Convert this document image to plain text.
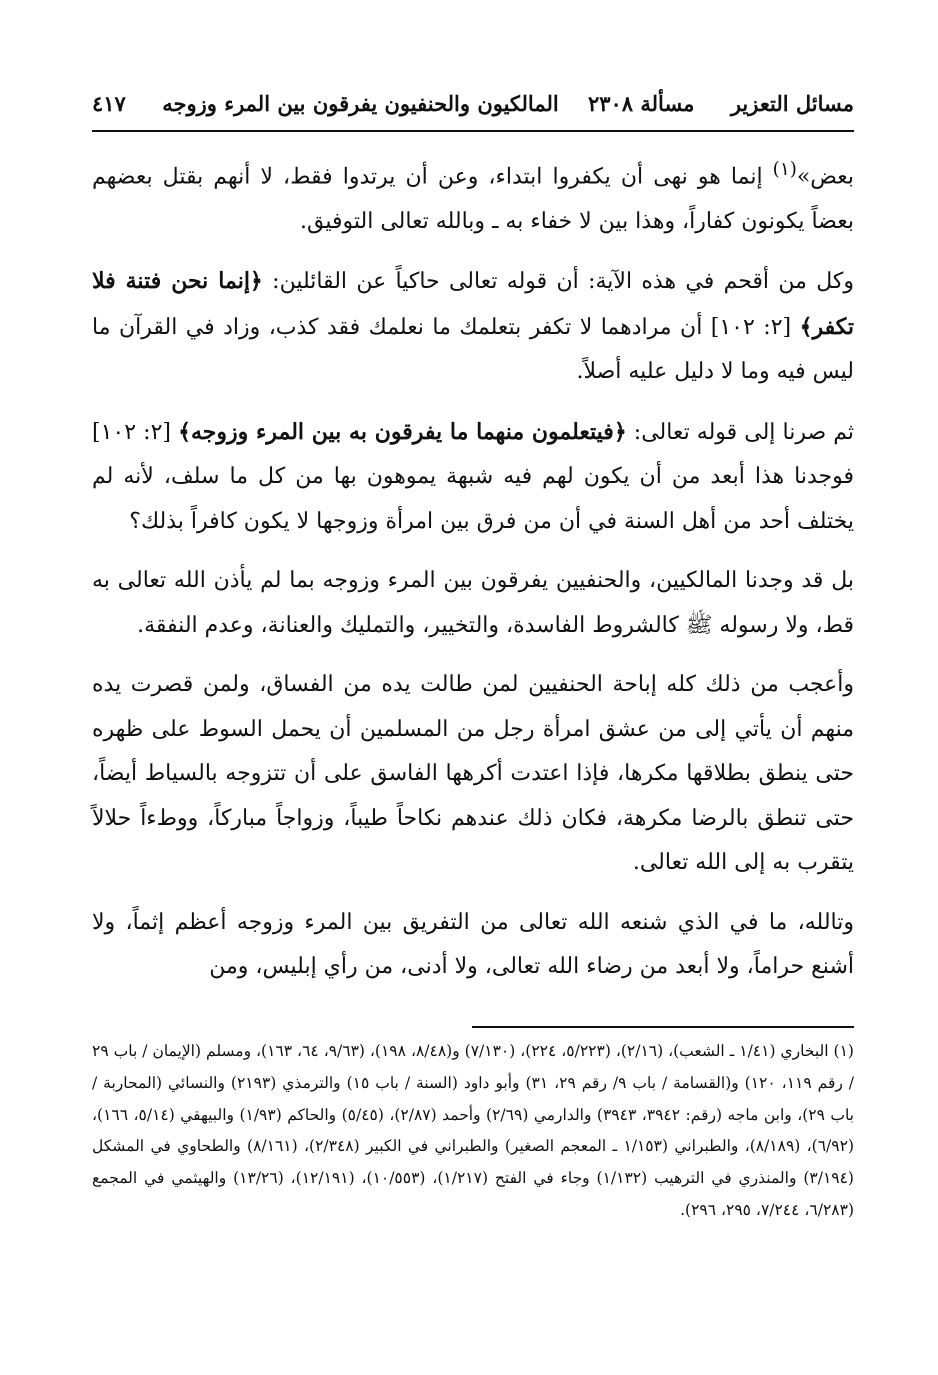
مسائل التعزير
مسألة ٢٣٠٨    المالكيون والحنفيون يفرقون بين المرء وزوجه
٤١٧

بعض»$^{(١)}$ إنما هو نهى أن يكفروا ابتداء، وعن أن يرتدوا فقط، لا أنهم بقتل بعضهم بعضاً يكونون كفاراً، وهذا بين لا خفاء به ـ وبالله تعالى التوفيق.

وكل من أقحم في هذه الآية: أن قوله تعالى حاكياً عن القائلين: ﴿إنما نحن فتنة فلا تكفر﴾ [٢: ١٠٢] أن مرادهما لا تكفر بتعلمك ما نعلمك فقد كذب، وزاد في القرآن ما ليس فيه وما لا دليل عليه أصلاً.

ثم صرنا إلى قوله تعالى: ﴿فيتعلمون منهما ما يفرقون به بين المرء وزوجه﴾ [٢: ١٠٢] فوجدنا هذا أبعد من أن يكون لهم فيه شبهة يموهون بها من كل ما سلف، لأنه لم يختلف أحد من أهل السنة في أن من فرق بين امرأة وزوجها لا يكون كافراً بذلك؟

بل قد وجدنا المالكيين، والحنفيين يفرقون بين المرء وزوجه بما لم يأذن الله تعالى به قط، ولا رسوله ﷺ كالشروط الفاسدة، والتخيير، والتمليك والعنانة، وعدم النفقة.

وأعجب من ذلك كله إباحة الحنفيين لمن طالت يده من الفساق، ولمن قصرت يده منهم أن يأتي إلى من عشق امرأة رجل من المسلمين أن يحمل السوط على ظهره حتى ينطق بطلاقها مكرها، فإذا اعتدت أكرهها الفاسق على أن تتزوجه بالسياط أيضاً، حتى تنطق بالرضا مكرهة، فكان ذلك عندهم نكاحاً طيباً، وزواجاً مباركاً، ووطءاً حلالاً يتقرب به إلى الله تعالى.

وتالله، ما في الذي شنعه الله تعالى من التفريق بين المرء وزوجه أعظم إثماً، ولا أشنع حراماً، ولا أبعد من رضاء الله تعالى، ولا أدنى، من رأي إبليس، ومن

(١) البخاري (١/٤١ ـ الشعب)، (٢/١٦)، (٥/٢٢٣، ٢٢٤)، (٧/١٣٠) و(٨/٤٨، ١٩٨)، (٩/٦٣، ٦٤، ١٦٣)، ومسلم (الإيمان / باب ٢٩ / رقم ١١٩، ١٢٠) و(القسامة / باب ٩/ رقم ٢٩، ٣١) وأبو داود (السنة / باب ١٥) والترمذي (٢١٩٣) والنسائي (المحاربة / باب ٢٩)، وابن ماجه (رقم: ٣٩٤٢، ٣٩٤٣) والدارمي (٢/٦٩) وأحمد (٢/٨٧)، (٥/٤٥) والحاكم (١/٩٣) والبيهقي (٥/١٤، ١٦٦)، (٦/٩٢)، (٨/١٨٩)، والطبراني (١/١٥٣ ـ المعجم الصغير) والطبراني في الكبير (٢/٣٤٨)، (٨/١٦١) والطحاوي في المشكل (٣/١٩٤) والمنذري في الترهيب (١/١٣٢) وجاء في الفتح (١/٢١٧)، (١٠/٥٥٣)، (١٢/١٩١)، (١٣/٢٦) والهيثمي في المجمع (٦/٢٨٣، ٧/٢٤٤، ٢٩٥، ٢٩٦).
